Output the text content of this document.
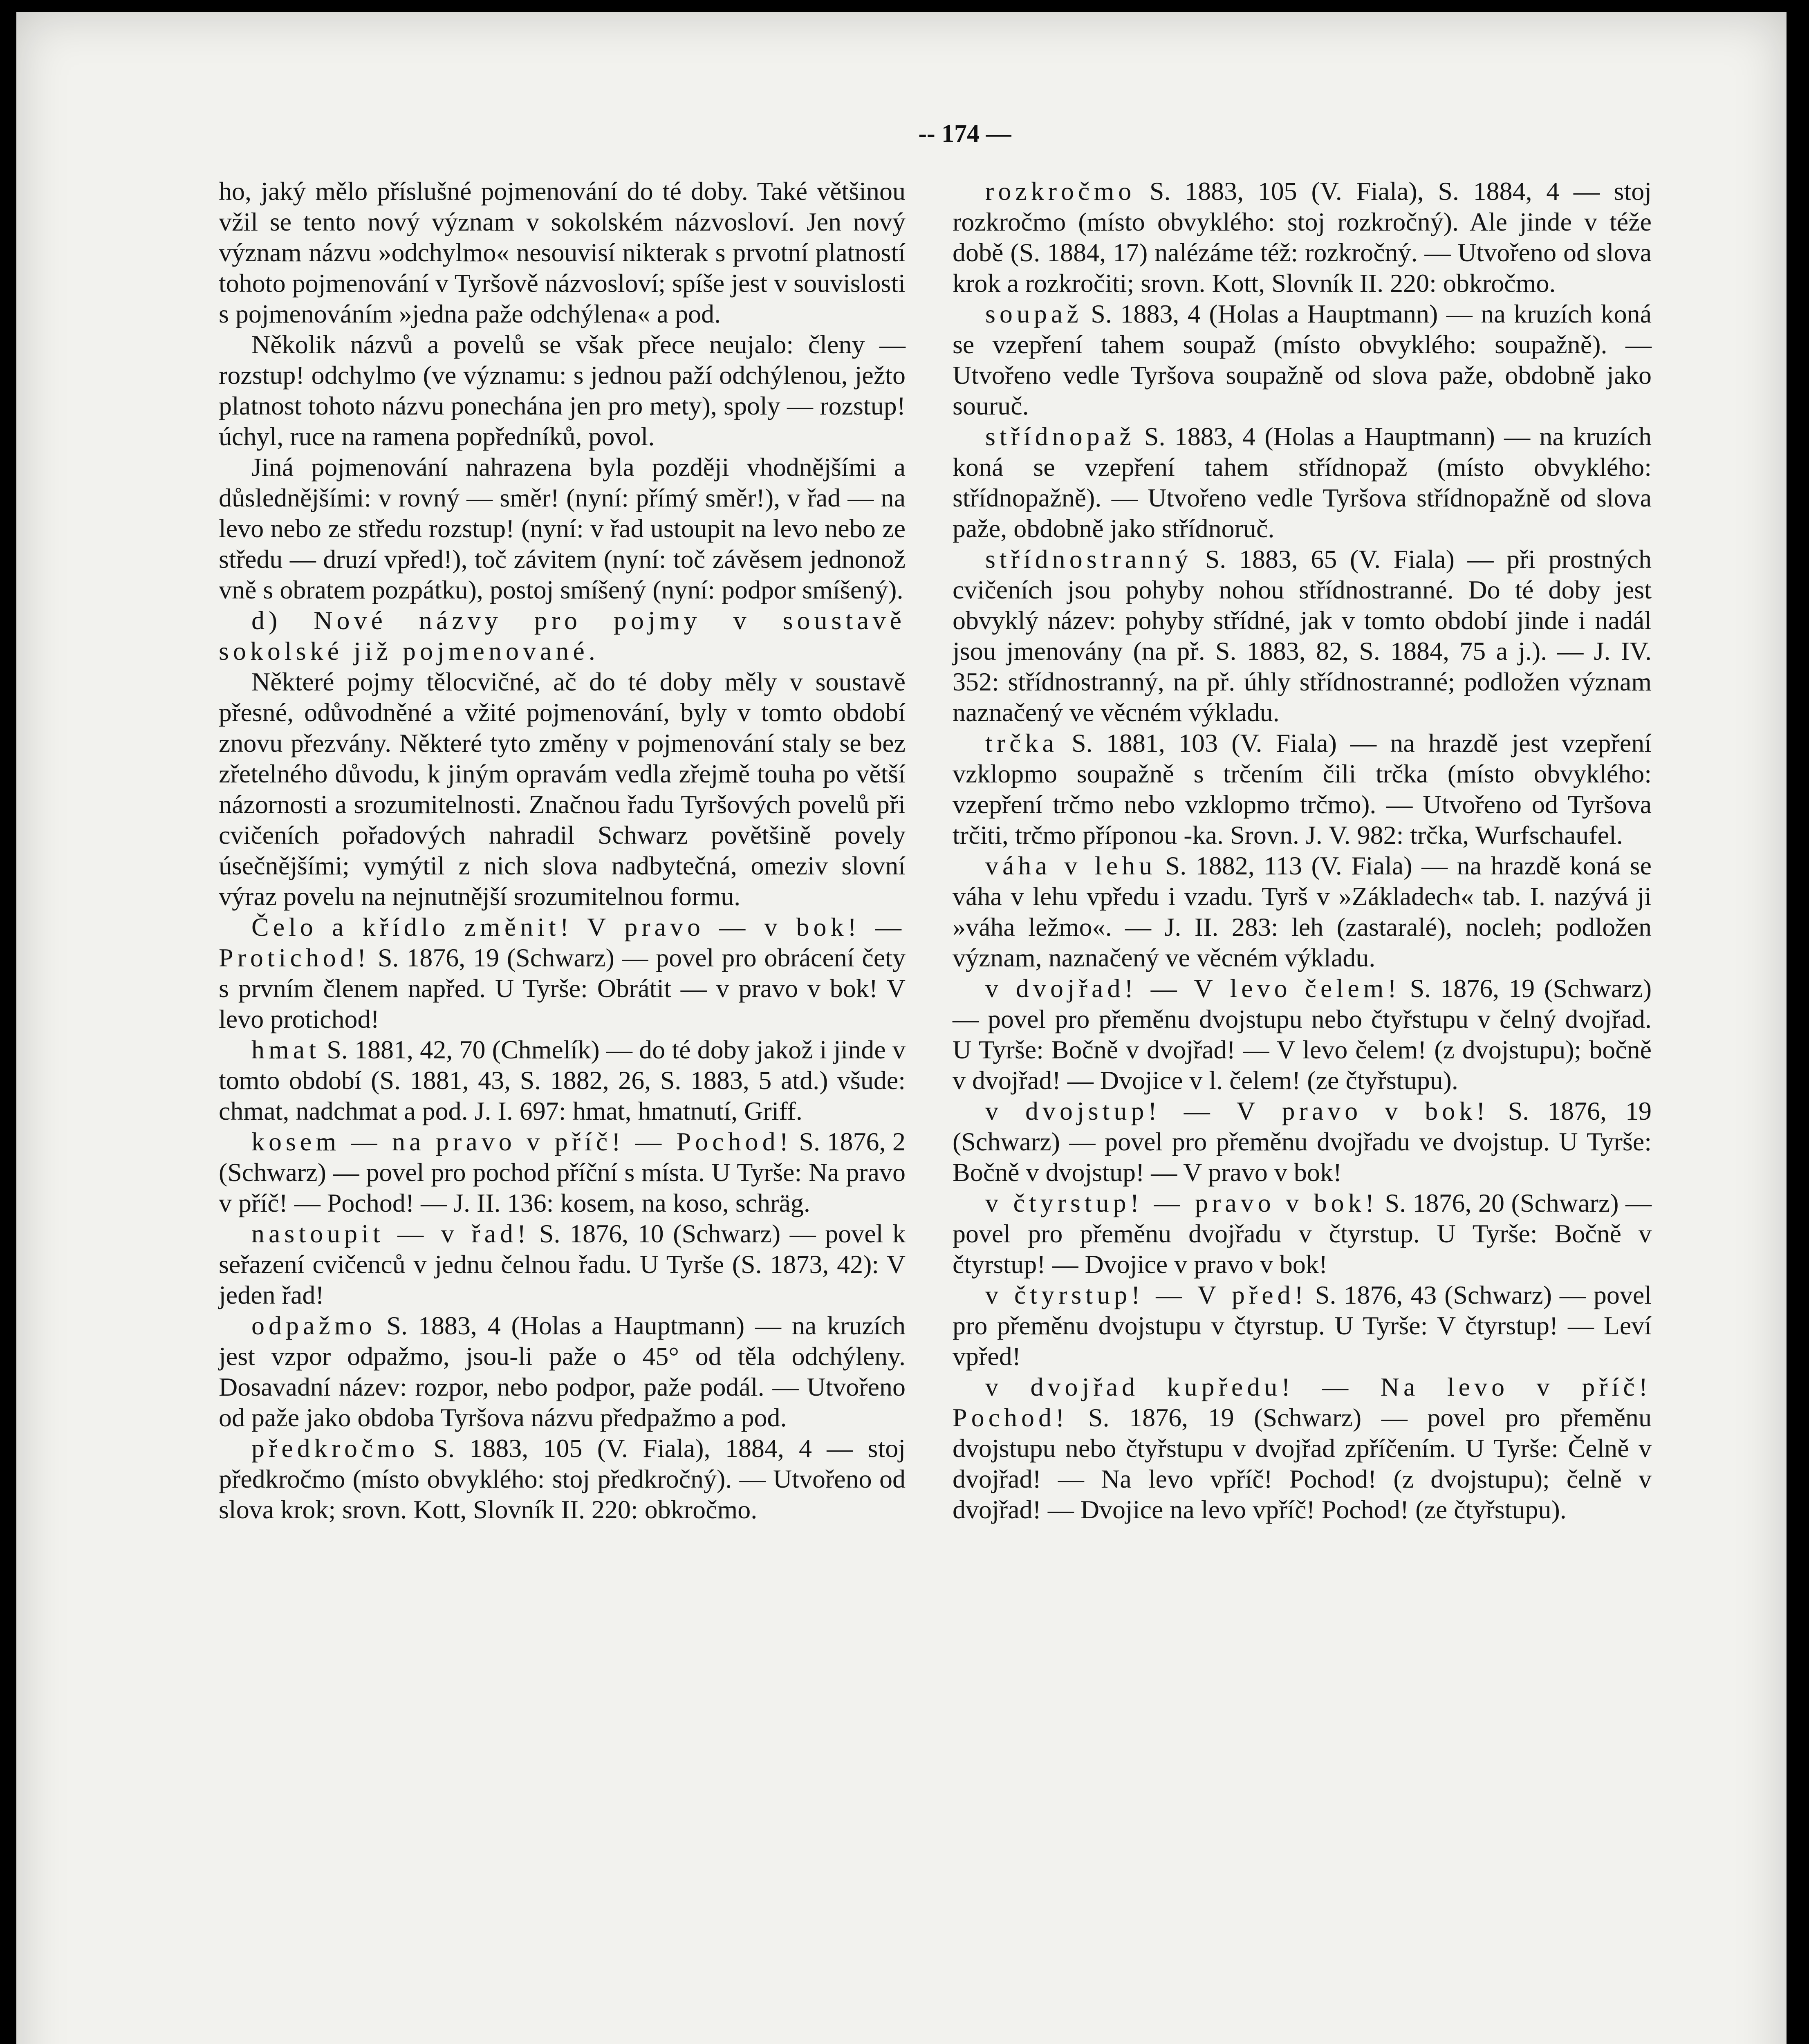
-- 174 —

ho, jaký mělo příslušné pojmenování do té doby. Také většinou vžil se tento nový význam v sokolském názvosloví. Jen nový význam názvu »odchylmo« nesouvisí nikterak s prvotní platností tohoto pojmenování v Tyršově názvosloví; spíše jest v souvislosti s pojmenováním »jedna paže odchýlena« a pod.

Několik názvů a povelů se však přece neujalo: členy — rozstup! odchylmo (ve významu: s jednou paží odchýlenou, ježto platnost tohoto názvu ponechána jen pro mety), spoly — rozstup! úchyl, ruce na ramena popředníků, povol.

Jiná pojmenování nahrazena byla později vhodnějšími a důslednějšími: v rovný — směr! (nyní: přímý směr!), v řad — na levo nebo ze středu rozstup! (nyní: v řad ustoupit na levo nebo ze středu — druzí vpřed!), toč závitem (nyní: toč závěsem jednonož vně s obratem pozpátku), postoj smíšený (nyní: podpor smíšený).

d) Nové názvy pro pojmy v soustavě sokolské již pojmenované.

Některé pojmy tělocvičné, ač do té doby měly v soustavě přesné, odůvodněné a vžité pojmenování, byly v tomto období znovu přezvány. Některé tyto změny v pojmenování staly se bez zřetelného důvodu, k jiným opravám vedla zřejmě touha po větší názornosti a srozumitelnosti. Značnou řadu Tyršových povelů při cvičeních pořadových nahradil Schwarz povětšině povely úsečnějšími; vymýtil z nich slova nadbytečná, omeziv slovní výraz povelu na nejnutnější srozumitelnou formu.

Čelo a křídlo změnit! V pravo — v bok! — Protichod! S. 1876, 19 (Schwarz) — povel pro obrácení čety s prvním členem napřed. U Tyrše: Obrátit — v pravo v bok! V levo protichod!

hmat S. 1881, 42, 70 (Chmelík) — do té doby jakož i jinde v tomto období (S. 1881, 43, S. 1882, 26, S. 1883, 5 atd.) všude: chmat, nadchmat a pod. J. I. 697: hmat, hmatnutí, Griff.

kosem — na pravo v příč! — Pochod! S. 1876, 2 (Schwarz) — povel pro pochod příční s místa. U Tyrše: Na pravo v příč! — Pochod! — J. II. 136: kosem, na koso, schräg.

nastoupit — v řad! S. 1876, 10 (Schwarz) — povel k seřazení cvičenců v jednu čelnou řadu. U Tyrše (S. 1873, 42): V jeden řad!

odpažmo S. 1883, 4 (Holas a Hauptmann) — na kruzích jest vzpor odpažmo, jsou-li paže o 45° od těla odchýleny. Dosavadní název: rozpor, nebo podpor, paže podál. — Utvořeno od paže jako obdoba Tyršova názvu předpažmo a pod.

předkročmo S. 1883, 105 (V. Fiala), 1884, 4 — stoj předkročmo (místo obvyklého: stoj předkročný). — Utvořeno od slova krok; srovn. Kott, Slovník II. 220: obkročmo.

rozkročmo S. 1883, 105 (V. Fiala), S. 1884, 4 — stoj rozkročmo (místo obvyklého: stoj rozkročný). Ale jinde v téže době (S. 1884, 17) nalézáme též: rozkročný. — Utvořeno od slova krok a rozkročiti; srovn. Kott, Slovník II. 220: obkročmo.

soupaž S. 1883, 4 (Holas a Hauptmann) — na kruzích koná se vzepření tahem soupaž (místo obvyklého: soupažně). — Utvořeno vedle Tyršova soupažně od slova paže, obdobně jako souruč.

střídnopaž S. 1883, 4 (Holas a Hauptmann) — na kruzích koná se vzepření tahem střídnopaž (místo obvyklého: střídnopažně). — Utvořeno vedle Tyršova střídnopažně od slova paže, obdobně jako střídnoruč.

střídnostranný S. 1883, 65 (V. Fiala) — při prostných cvičeních jsou pohyby nohou střídnostranné. Do té doby jest obvyklý název: pohyby střídné, jak v tomto období jinde i nadál jsou jmenovány (na př. S. 1883, 82, S. 1884, 75 a j.). — J. IV. 352: střídnostranný, na př. úhly střídnostranné; podložen význam naznačený ve věcném výkladu.

trčka S. 1881, 103 (V. Fiala) — na hrazdě jest vzepření vzklopmo soupažně s trčením čili trčka (místo obvyklého: vzepření trčmo nebo vzklopmo trčmo). — Utvořeno od Tyršova trčiti, trčmo příponou -ka. Srovn. J. V. 982: trčka, Wurfschaufel.

váha v lehu S. 1882, 113 (V. Fiala) — na hrazdě koná se váha v lehu vpředu i vzadu. Tyrš v »Základech« tab. I. nazývá ji »váha ležmo«. — J. II. 283: leh (zastaralé), nocleh; podložen význam, naznačený ve věcném výkladu.

v dvojřad! — V levo čelem! S. 1876, 19 (Schwarz) — povel pro přeměnu dvojstupu nebo čtyřstupu v čelný dvojřad. U Tyrše: Bočně v dvojřad! — V levo čelem! (z dvojstupu); bočně v dvojřad! — Dvojice v l. čelem! (ze čtyřstupu).

v dvojstup! — V pravo v bok! S. 1876, 19 (Schwarz) — povel pro přeměnu dvojřadu ve dvojstup. U Tyrše: Bočně v dvojstup! — V pravo v bok!

v čtyrstup! — pravo v bok! S. 1876, 20 (Schwarz) — povel pro přeměnu dvojřadu v čtyrstup. U Tyrše: Bočně v čtyrstup! — Dvojice v pravo v bok!

v čtyrstup! — V před! S. 1876, 43 (Schwarz) — povel pro přeměnu dvojstupu v čtyrstup. U Tyrše: V čtyrstup! — Leví vpřed!

v dvojřad kupředu! — Na levo v příč! Pochod! S. 1876, 19 (Schwarz) — povel pro přeměnu dvojstupu nebo čtyřstupu v dvojřad zpříčením. U Tyrše: Čelně v dvojřad! — Na levo vpříč! Pochod! (z dvojstupu); čelně v dvojřad! — Dvojice na levo vpříč! Pochod! (ze čtyřstupu).
